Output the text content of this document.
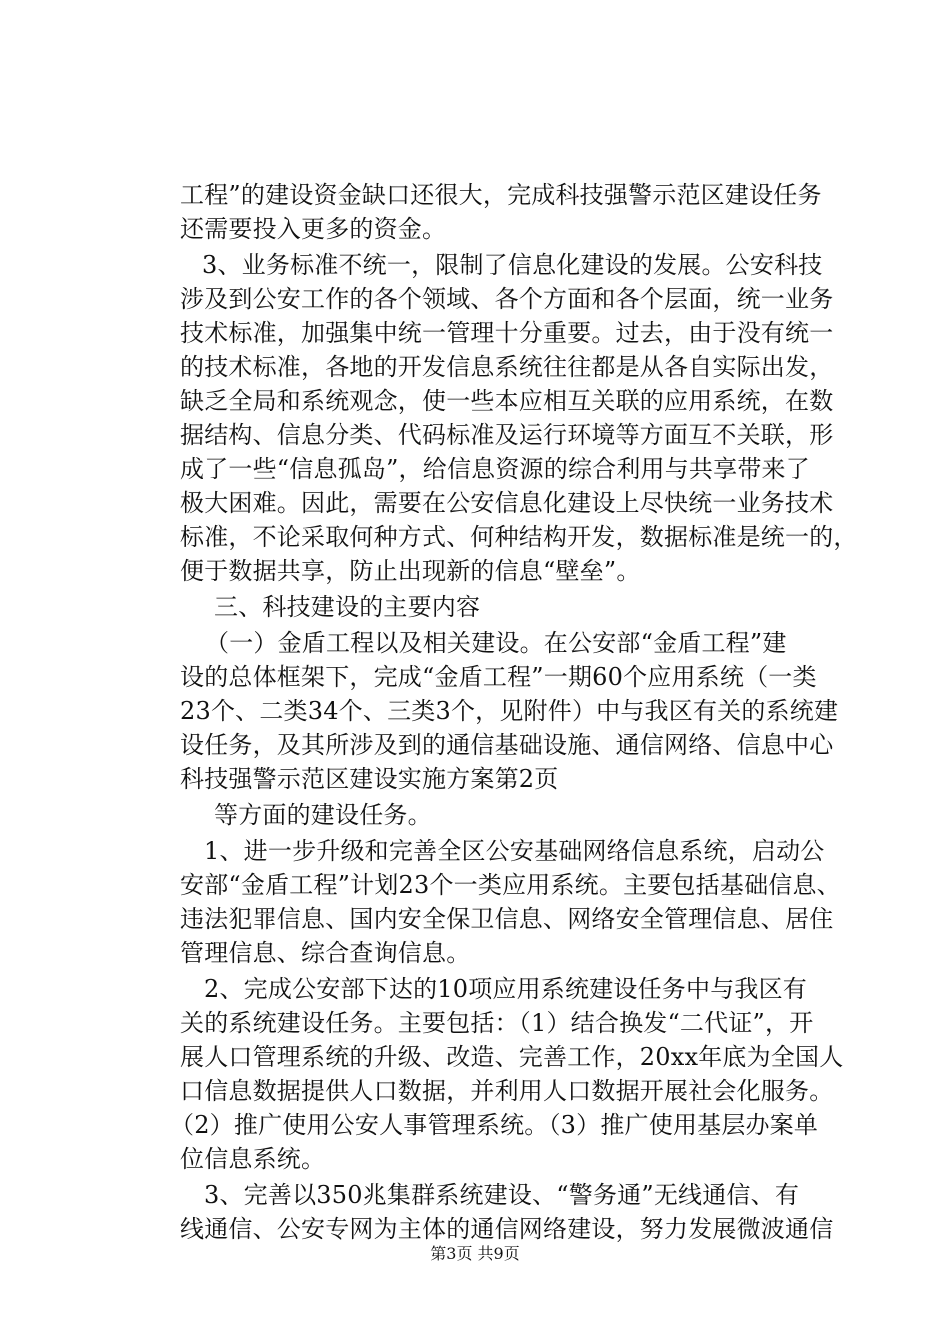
工程”的建设资金缺口还很大，完成科技强警示范区建设任务
还需要投入更多的资金。
3、业务标准不统一，限制了信息化建设的发展。公安科技
涉及到公安工作的各个领域、各个方面和各个层面，统一业务
技术标准，加强集中统一管理十分重要。过去，由于没有统一
的技术标准，各地的开发信息系统往往都是从各自实际出发，
缺乏全局和系统观念，使一些本应相互关联的应用系统，在数
据结构、信息分类、代码标准及运行环境等方面互不关联，形
成了一些“信息孤岛”，给信息资源的综合利用与共享带来了
极大困难。因此，需要在公安信息化建设上尽快统一业务技术
标准，不论采取何种方式、何种结构开发，数据标准是统一的，
便于数据共享，防止出现新的信息“壁垒”。
三、科技建设的主要内容
（一）金盾工程以及相关建设。在公安部“金盾工程”建
设的总体框架下，完成“金盾工程”一期60个应用系统（一类
23个、二类34个、三类3个，见附件）中与我区有关的系统建
设任务，及其所涉及到的通信基础设施、通信网络、信息中心
科技强警示范区建设实施方案第2页
等方面的建设任务。
1、进一步升级和完善全区公安基础网络信息系统，启动公
安部“金盾工程”计划23个一类应用系统。主要包括基础信息、
违法犯罪信息、国内安全保卫信息、网络安全管理信息、居住
管理信息、综合查询信息。
2、完成公安部下达的10项应用系统建设任务中与我区有
关的系统建设任务。主要包括：（1）结合换发“二代证”，开
展人口管理系统的升级、改造、完善工作，20xx年底为全国人
口信息数据提供人口数据，并利用人口数据开展社会化服务。
（2）推广使用公安人事管理系统。（3）推广使用基层办案单
位信息系统。
3、完善以350兆集群系统建设、“警务通”无线通信、有
线通信、公安专网为主体的通信网络建设，努力发展微波通信
第3页 共9页
